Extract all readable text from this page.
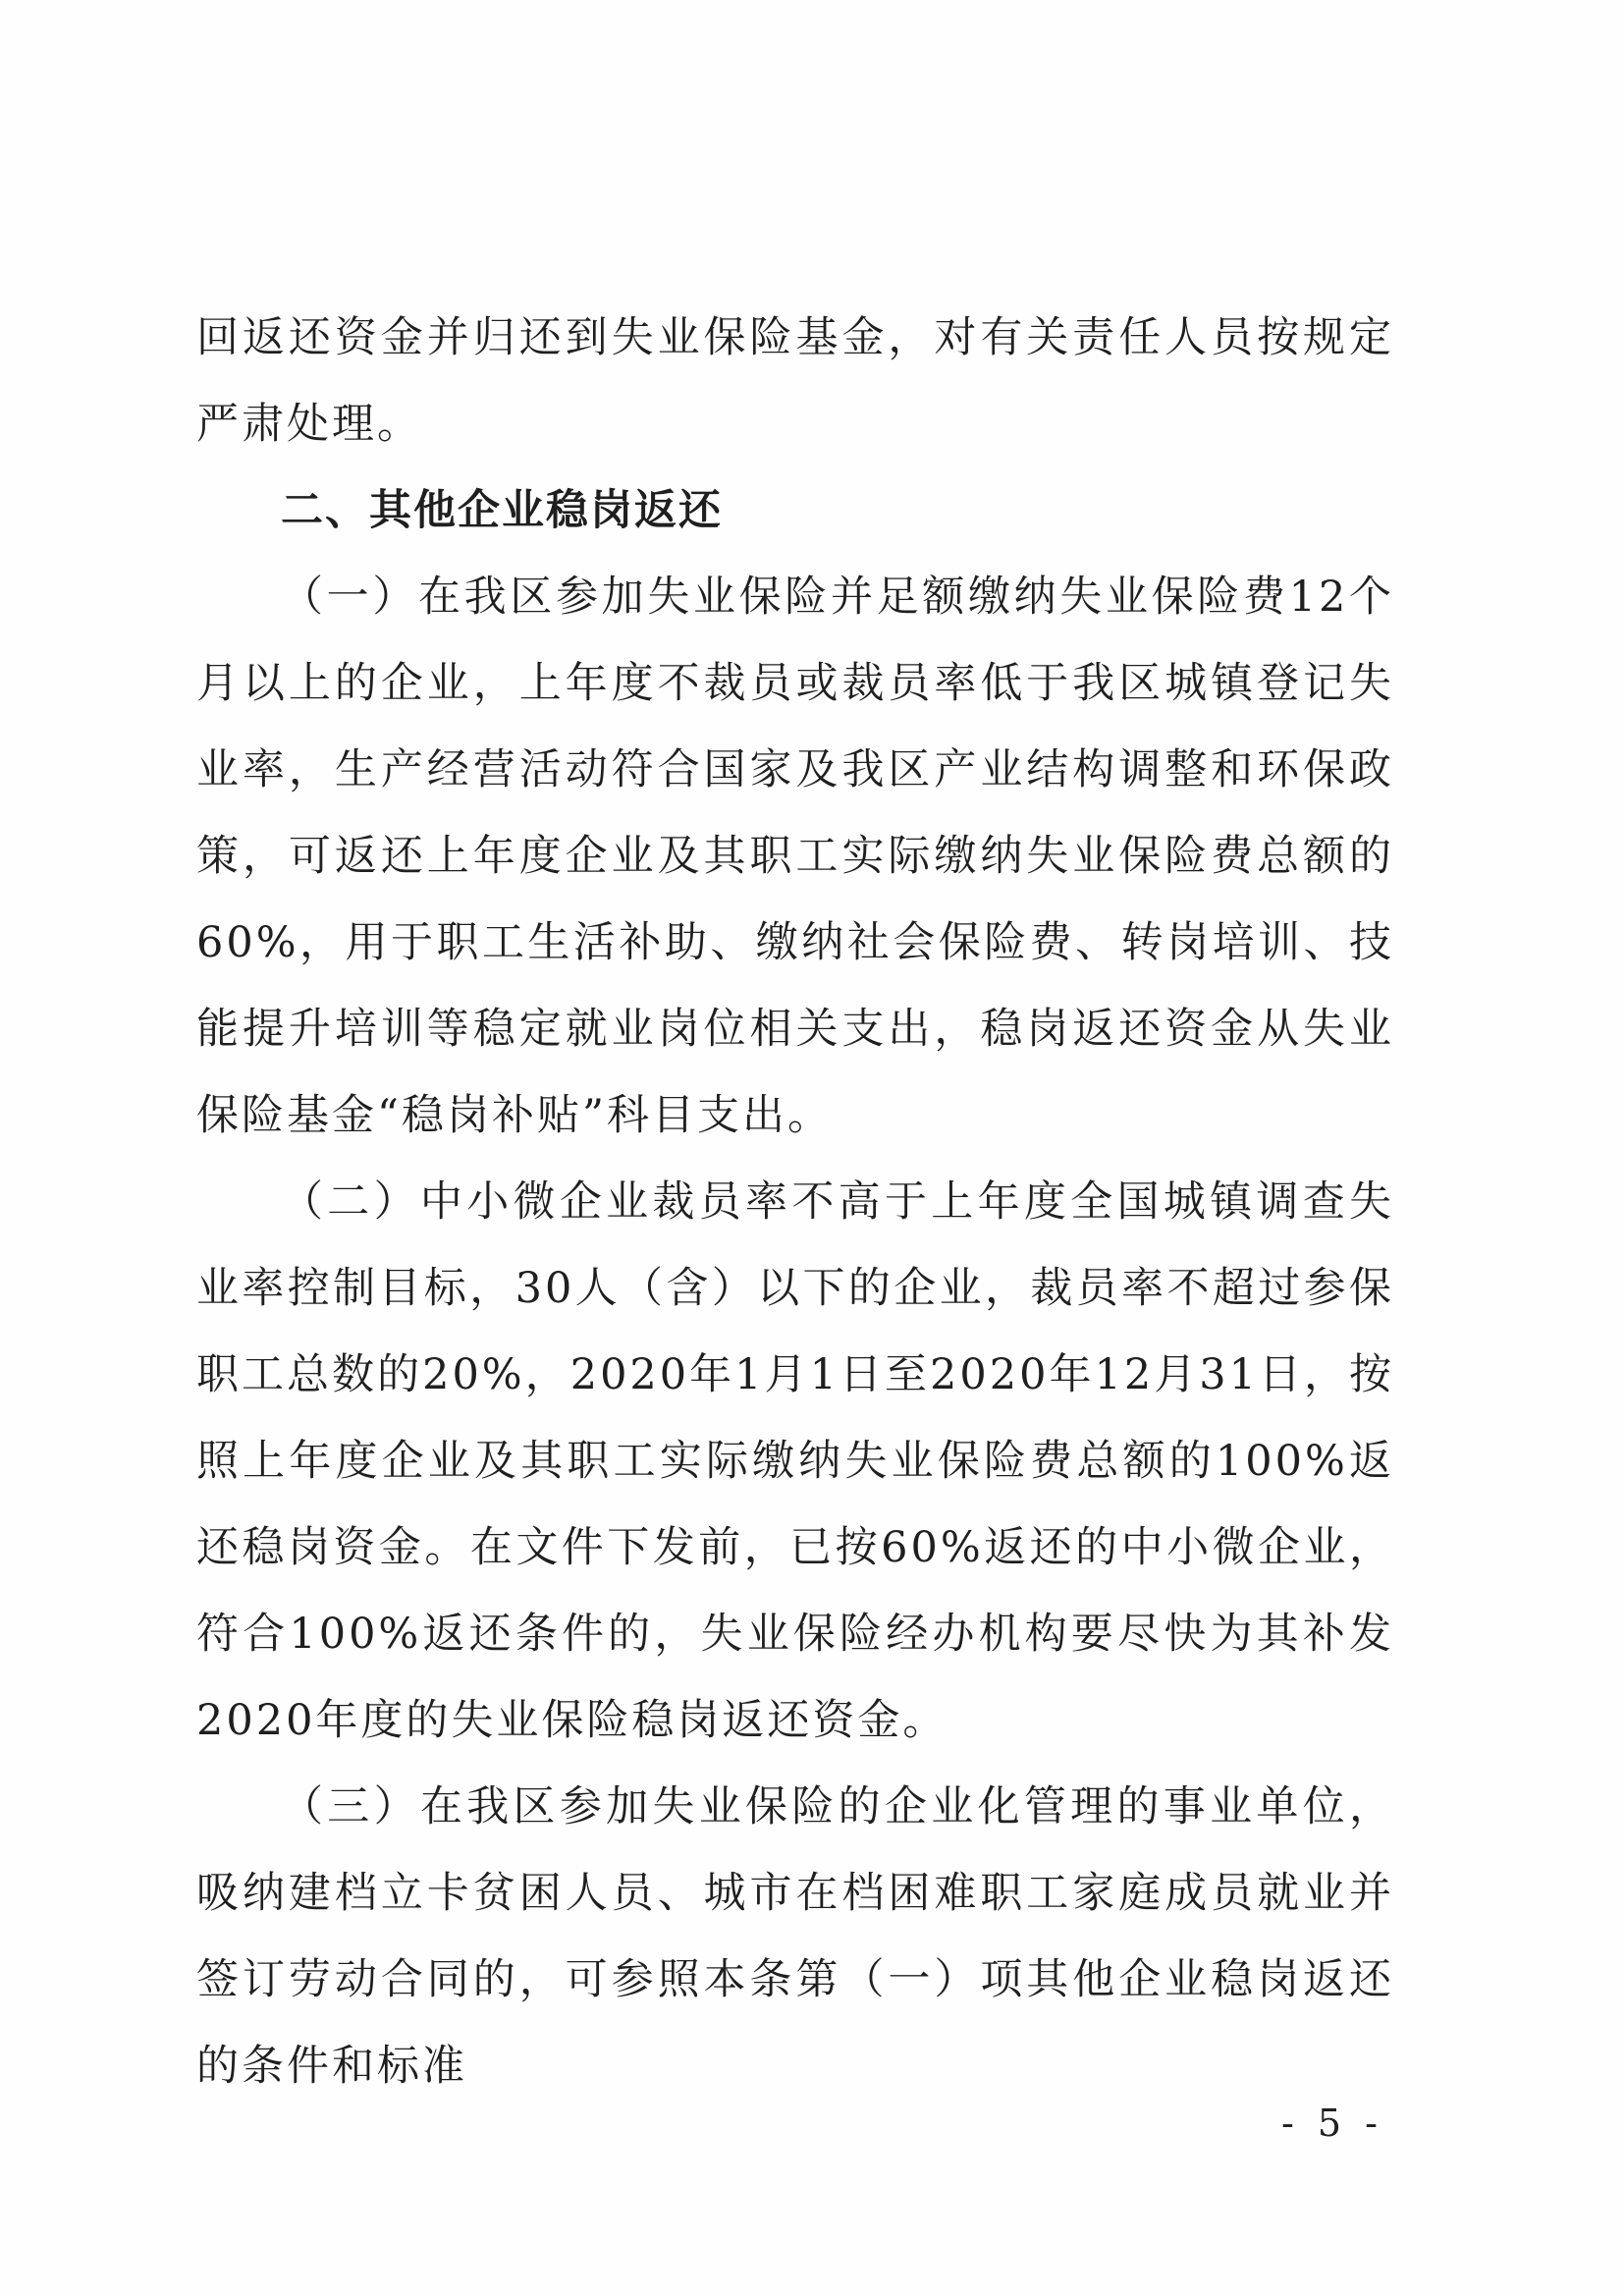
回返还资金并归还到失业保险基金，对有关责任人员按规定严肃处理。

二、其他企业稳岗返还

（一）在我区参加失业保险并足额缴纳失业保险费12个月以上的企业，上年度不裁员或裁员率低于我区城镇登记失业率，生产经营活动符合国家及我区产业结构调整和环保政策，可返还上年度企业及其职工实际缴纳失业保险费总额的60%，用于职工生活补助、缴纳社会保险费、转岗培训、技能提升培训等稳定就业岗位相关支出，稳岗返还资金从失业保险基金“稳岗补贴”科目支出。

（二）中小微企业裁员率不高于上年度全国城镇调查失业率控制目标，30人（含）以下的企业，裁员率不超过参保职工总数的20%，2020年1月1日至2020年12月31日，按照上年度企业及其职工实际缴纳失业保险费总额的100%返还稳岗资金。在文件下发前，已按60%返还的中小微企业，符合100%返还条件的，失业保险经办机构要尽快为其补发2020年度的失业保险稳岗返还资金。

（三）在我区参加失业保险的企业化管理的事业单位，吸纳建档立卡贫困人员、城市在档困难职工家庭成员就业并签订劳动合同的，可参照本条第（一）项其他企业稳岗返还的条件和标准

- 5 -
